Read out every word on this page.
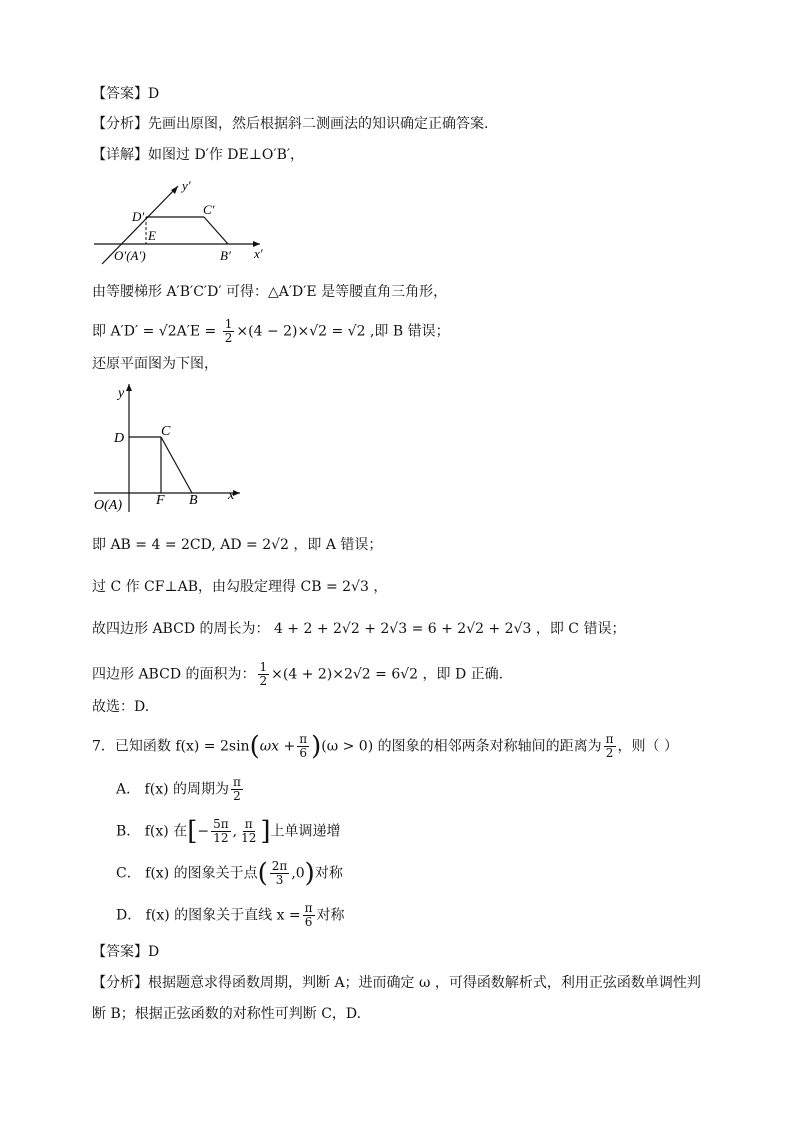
【答案】D
【分析】先画出原图，然后根据斜二测画法的知识确定正确答案.
【详解】如图过 D′作 DE⊥O′B′，
y′
x′
D′	C′
E
O′(A′)	B′
由等腰梯形 A′B′C′D′ 可得：△A′D′E 是等腰直角三角形，
即 $A'D' = √2A'E = \frac{1}{2} \times(4 - 2)\times√2 = √2$ ,即 B 错误；
还原平面图为下图，
y
x
D	C
O(A) F B
即 AB = 4 = 2CD, AD = 2√2 ，即 A 错误；
过 C 作 CF⊥AB，由勾股定理得 CB = 2√3 ，
故四边形 ABCD 的周长为： 4 + 2 + 2√2 + 2√3 = 6 + 2√2 + 2√3 ，即 C 错误；
四边形 ABCD 的面积为： $\frac{1}{2} \times(4 + 2)\times 2√2 = 6√2$ ，即 D 正确.
故选：D.
7．已知函数 $f(x) = 2\sin(\omega x + \frac{\pi}{6} )(\omega > 0)$ 的图象的相邻两条对称轴间的距离为 $\frac{\pi}{2}$ ，则（ ）
A． f(x) 的周期为 $\frac{\pi}{2}$
B． f(x) 在[− $\frac{5\pi}{12}$ , $\frac{\pi}{12}$ ]上单调递增
C． f(x) 的图象关于点( $\frac{2\pi}{3} ,0$)对称
D． f(x) 的图象关于直线 $x = \frac{\pi}{6}$ 对称
【答案】D
【分析】根据题意求得函数周期，判断 A；进而确定 ω ，可得函数解析式，利用正弦函数单调性判
断 B；根据正弦函数的对称性可判断 C，D.
